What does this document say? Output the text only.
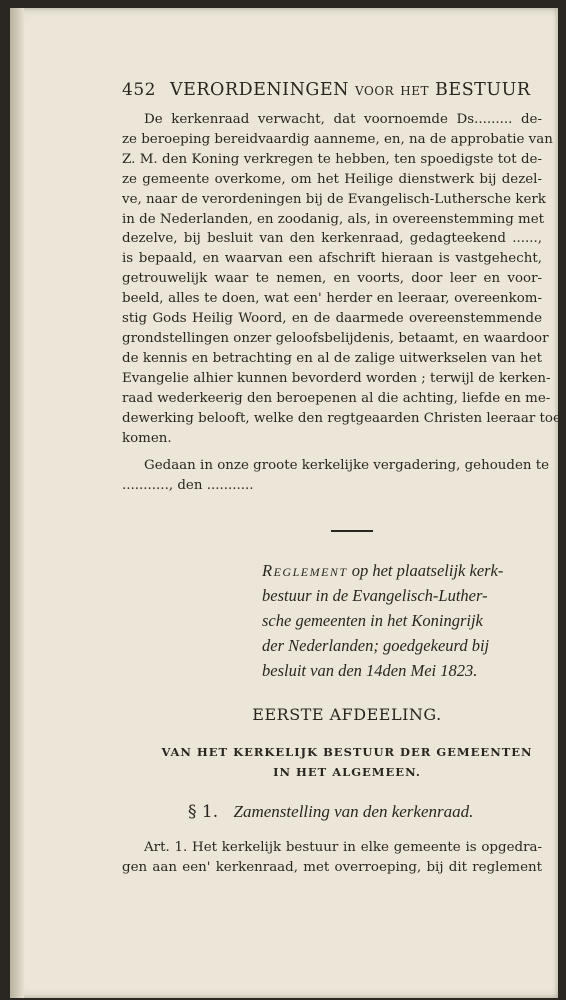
452 VERORDENINGEN voor het BESTUUR

De kerkenraad verwacht, dat voornoemde Ds......... de-
ze beroeping bereidvaardig aanneme, en, na de approbatie van
Z. M. den Koning verkregen te hebben, ten spoedigste tot de-
ze gemeente overkome, om het Heilige dienstwerk bij dezel-
ve, naar de verordeningen bij de Evangelisch-Luthersche kerk
in de Nederlanden, en zoodanig, als, in overeenstemming met
dezelve, bij besluit van den kerkenraad, gedagteekend ......,
is bepaald, en waarvan een afschrift hieraan is vastgehecht,
getrouwelijk waar te nemen, en voorts, door leer en voor-
beeld, alles te doen, wat een' herder en leeraar, overeenkom-
stig Gods Heilig Woord, en de daarmede overeenstemmende
grondstellingen onzer geloofsbelijdenis, betaamt, en waardoor
de kennis en betrachting en al de zalige uitwerkselen van het
Evangelie alhier kunnen bevorderd worden ; terwijl de kerken-
raad wederkeerig den beroepenen al die achting, liefde en me-
dewerking belooft, welke den regtgeaarden Christen leeraar toe-
komen.

Gedaan in onze groote kerkelijke vergadering, gehouden te
..........., den ...........

Reglement op het plaatselijk kerk-
bestuur in de Evangelisch-Luther-
sche gemeenten in het Koningrijk
der Nederlanden; goedgekeurd bij
besluit van den 14den Mei 1823.
EERSTE AFDEELING.
VAN HET KERKELIJK BESTUUR DER GEMEENTEN
IN HET ALGEMEEN.
§ 1. Zamenstelling van den kerkenraad.

Art. 1. Het kerkelijk bestuur in elke gemeente is opgedra-
gen aan een' kerkenraad, met overroeping, bij dit reglement
